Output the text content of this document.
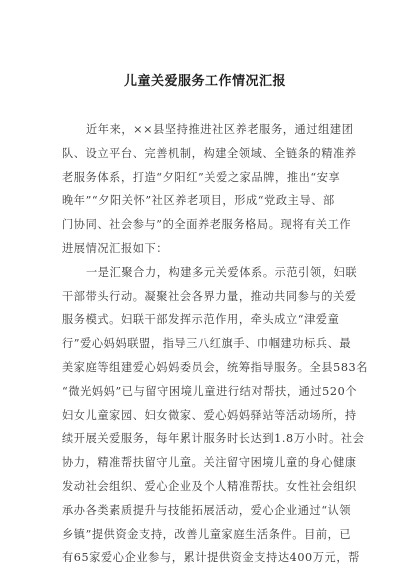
儿童关爱服务工作情况汇报
近年来，××县坚持推进社区养老服务，通过组建团
队、设立平台、完善机制，构建全领域、全链条的精准养
老服务体系，打造“夕阳红”关爱之家品牌，推出“安享
晚年”“夕阳关怀”社区养老项目，形成“党政主导、部
门协同、社会参与”的全面养老服务格局。现将有关工作
进展情况汇报如下：
一是汇聚合力，构建多元关爱体系。示范引领，妇联
干部带头行动。凝聚社会各界力量，推动共同参与的关爱
服务模式。妇联干部发挥示范作用，牵头成立“津爱童
行”爱心妈妈联盟，指导三八红旗手、巾帼建功标兵、最
美家庭等组建爱心妈妈委员会，统筹指导服务。全县583名
“微光妈妈”已与留守困境儿童进行结对帮扶，通过520个
妇女儿童家园、妇女微家、爱心妈妈驿站等活动场所，持
续开展关爱服务，每年累计服务时长达到1.8万小时。社会
协力，精准帮扶留守儿童。关注留守困境儿童的身心健康
发动社会组织、爱心企业及个人精准帮扶。女性社会组织
承办各类素质提升与技能拓展活动，爱心企业通过“认领
乡镇”提供资金支持，改善儿童家庭生活条件。目前，已
有65家爱心企业参与，累计提供资金支持达400万元，帮
